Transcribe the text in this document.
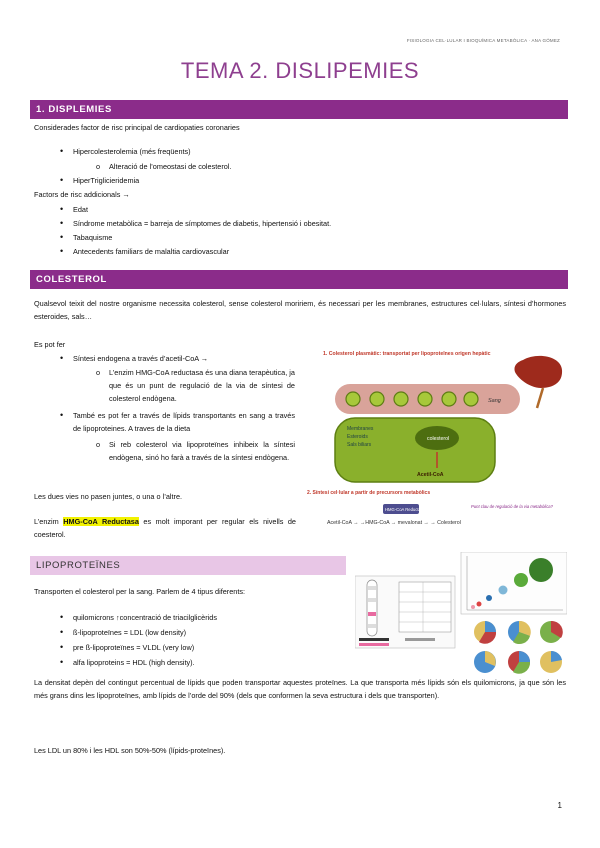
FISIOLOGIA CEL·LULAR I BIOQUÍMICA METABÒLICA · ANA GÓMEZ
TEMA 2. DISLIPEMIES
1. DISPLEMIES
Considerades factor de risc principal de cardiopaties coronaries
• Hipercolesterolemia (més freqüents)
o Alteració de l’omeostasi de colesterol.
• HiperTriglicieridemia
Factors de risc addicionals →
• Edat
• Síndrome metabòlica = barreja de símptomes de diabetis, hipertensió i obesitat.
• Tabaquisme
• Antecedents familiars de malaltia cardiovascular
COLESTEROL
Qualsevol teixit del nostre organisme necessita colesterol, sense colesterol moririem, és necessari per les membranes, estructures cel·lulars, síntesi d’hormones esteroides, sals…
Es pot fer
• Síntesi endogena a través d’acetil-CoA →
o L’enzim HMG-CoA reductasa és una diana terapèutica, ja que és un punt de regulació de la via de síntesi de colesterol endògena.
• També es pot fer a través de lípids transportants en sang a través de lipoproteines. A traves de la dieta
o Si reb colesterol via lipoproteïnes inhibeix la síntesi endògena, sinó ho farà a través de la síntesi endògena.
Les dues vies no pasen juntes, o una o l’altre.
L’enzim HMG-CoA Reductasa es molt imporant per regular els nivells de coesterol.
1. Colesterol plasmàtic: transportat per lipoproteïnes origen hepàtic
Sang
colesterol
Membranes
Esteroids
Sals biliars
Acetil-CoA
2. Síntesi cel·lular a partir de precursors metabòlics
Punt clau de regulació de la via metabòlica?
HMG-CoA Reductasa
Acetil-CoA → →HMG-CoA → mevalonat → → Colesterol
LIPOPROTEÏNES
Transporten el colesterol per la sang. Parlem de 4 tipus diferents:
• quilomicrons ↑concentració de triacilglicèrids
• ß-lipoproteïnes = LDL (low density)
• pre ß-lipoproteïnes = VLDL (very low)
• alfa lipoproteins = HDL (high density).
La densitat depèn del contingut percentual de lípids que poden transportar aquestes proteïnes. La que transporta més lípids són els quilomicrons, ja que són les més grans dins les lipoproteïnes, amb lípids de l’orde del 90% (dels que conformen la seva estructura i dels que transporten).
Les LDL un 80% i les HDL son 50%-50% (lípids-proteïnes).
1
